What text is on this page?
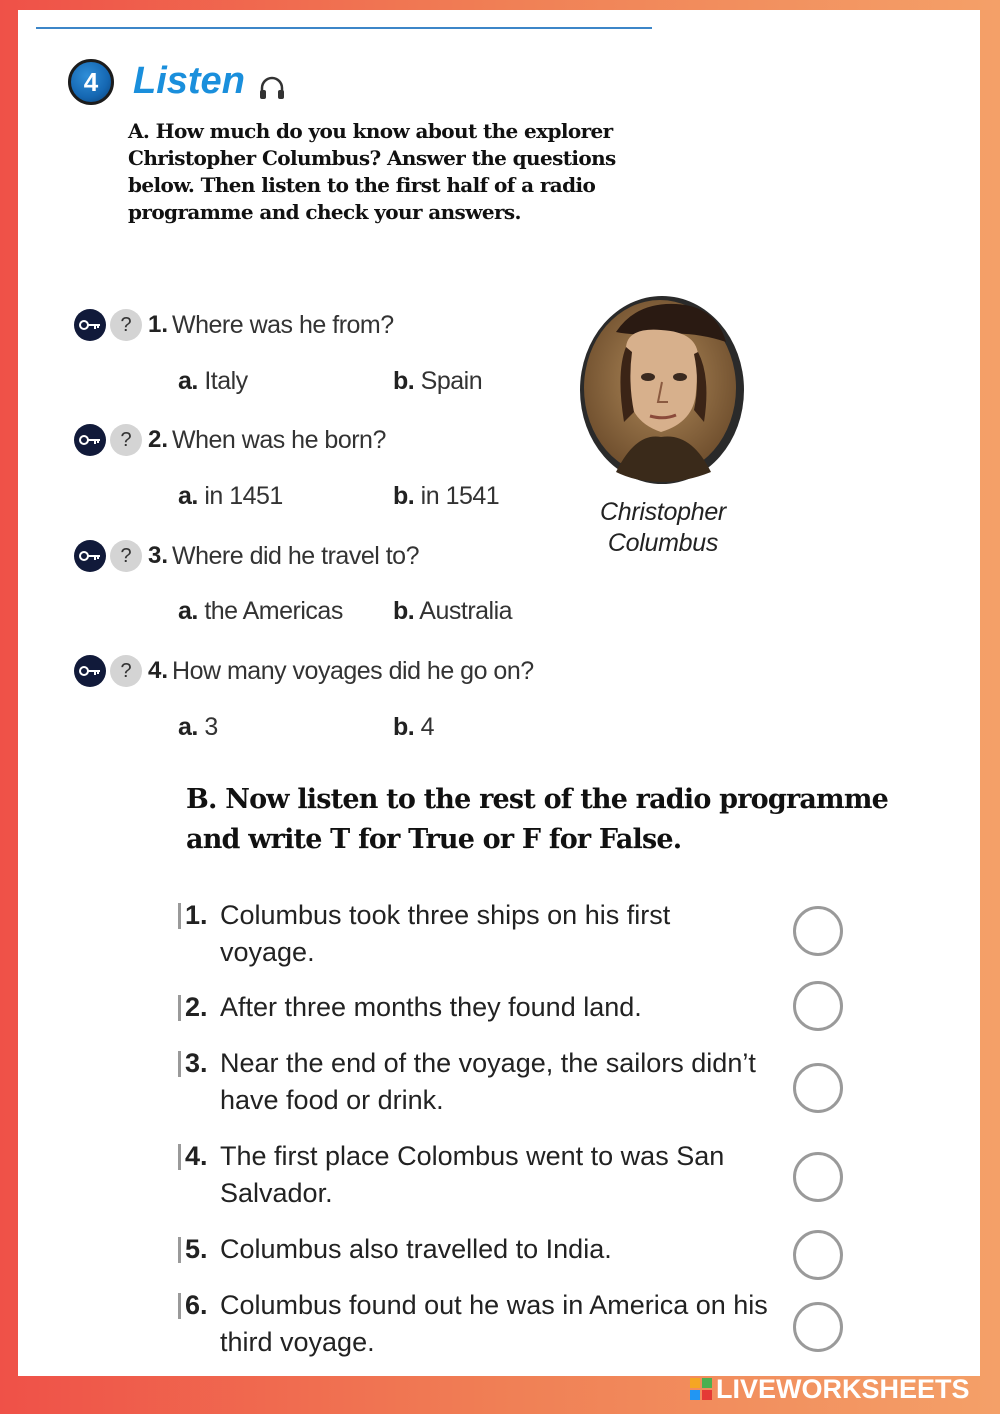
4 Listen
A. How much do you know about the explorer Christopher Columbus? Answer the questions below. Then listen to the first half of a radio programme and check your answers.
? 1. Where was he from?
a. Italy	b. Spain
? 2. When was he born?
a. in 1451	b. in 1541
? 3. Where did he travel to?
a. the Americas b. Australia
? 4. How many voyages did he go on?
a. 3	b. 4
Christopher
Columbus
B. Now listen to the rest of the radio programme
and write T for True or F for False.
1. Columbus took three ships on his first voyage.
2. After three months they found land.
3. Near the end of the voyage, the sailors didn’t have food or drink.
4. The first place Colombus went to was San Salvador.
5. Columbus also travelled to India.
6. Columbus found out he was in America on his third voyage.
LIVEWORKSHEETS
